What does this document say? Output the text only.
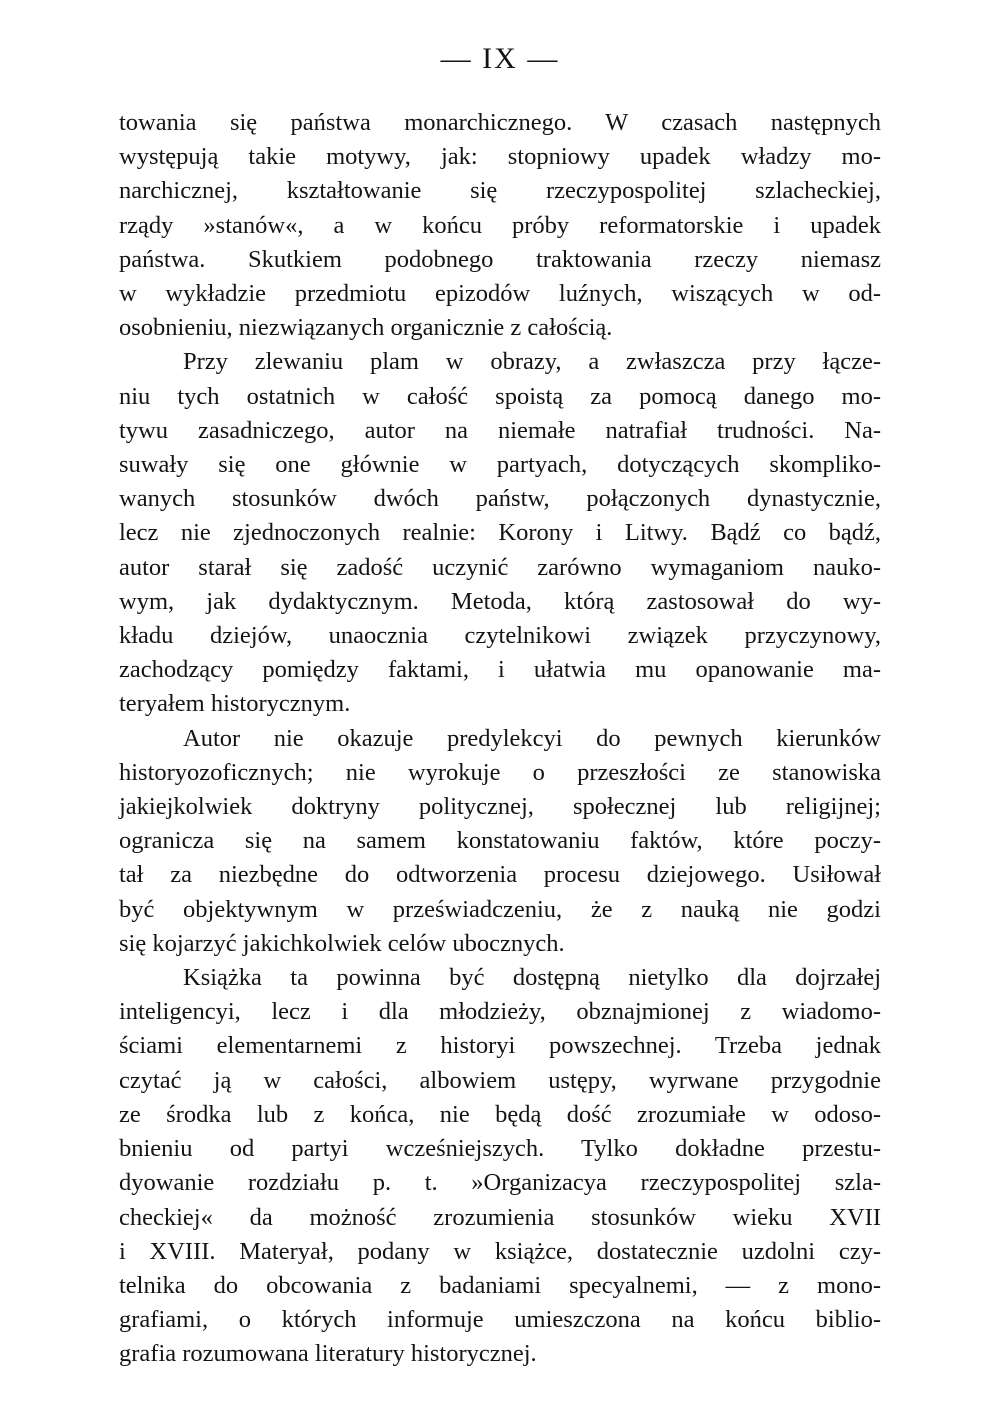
— IX —
towania się państwa monarchicznego. W czasach następnych
występują takie motywy, jak: stopniowy upadek władzy mo-
narchicznej, kształtowanie się rzeczypospolitej szlacheckiej,
rządy »stanów«, a w końcu próby reformatorskie i upadek
państwa. Skutkiem podobnego traktowania rzeczy niemasz
w wykładzie przedmiotu epizodów luźnych, wiszących w od-
osobnieniu, niezwiązanych organicznie z całością.
Przy zlewaniu plam w obrazy, a zwłaszcza przy łącze-
niu tych ostatnich w całość spoistą za pomocą danego mo-
tywu zasadniczego, autor na niemałe natrafiał trudności. Na-
suwały się one głównie w partyach, dotyczących skompliko-
wanych stosunków dwóch państw, połączonych dynastycznie,
lecz nie zjednoczonych realnie: Korony i Litwy. Bądź co bądź,
autor starał się zadość uczynić zarówno wymaganiom nauko-
wym, jak dydaktycznym. Metoda, którą zastosował do wy-
kładu dziejów, unaocznia czytelnikowi związek przyczynowy,
zachodzący pomiędzy faktami, i ułatwia mu opanowanie ma-
teryałem historycznym.
Autor nie okazuje predylekcyi do pewnych kierunków
historyozoficznych; nie wyrokuje o przeszłości ze stanowiska
jakiejkolwiek doktryny politycznej, społecznej lub religijnej;
ogranicza się na samem konstatowaniu faktów, które poczy-
tał za niezbędne do odtworzenia procesu dziejowego. Usiłował
być objektywnym w przeświadczeniu, że z nauką nie godzi
się kojarzyć jakichkolwiek celów ubocznych.
Książka ta powinna być dostępną nietylko dla dojrzałej
inteligencyi, lecz i dla młodzieży, obznajmionej z wiadomo-
ściami elementarnemi z historyi powszechnej. Trzeba jednak
czytać ją w całości, albowiem ustępy, wyrwane przygodnie
ze środka lub z końca, nie będą dość zrozumiałe w odoso-
bnieniu od partyi wcześniejszych. Tylko dokładne przestu-
dyowanie rozdziału p. t. »Organizacya rzeczypospolitej szla-
checkiej« da możność zrozumienia stosunków wieku XVII
i XVIII. Materyał, podany w książce, dostatecznie uzdolni czy-
telnika do obcowania z badaniami specyalnemi, — z mono-
grafiami, o których informuje umieszczona na końcu biblio-
grafia rozumowana literatury historycznej.
